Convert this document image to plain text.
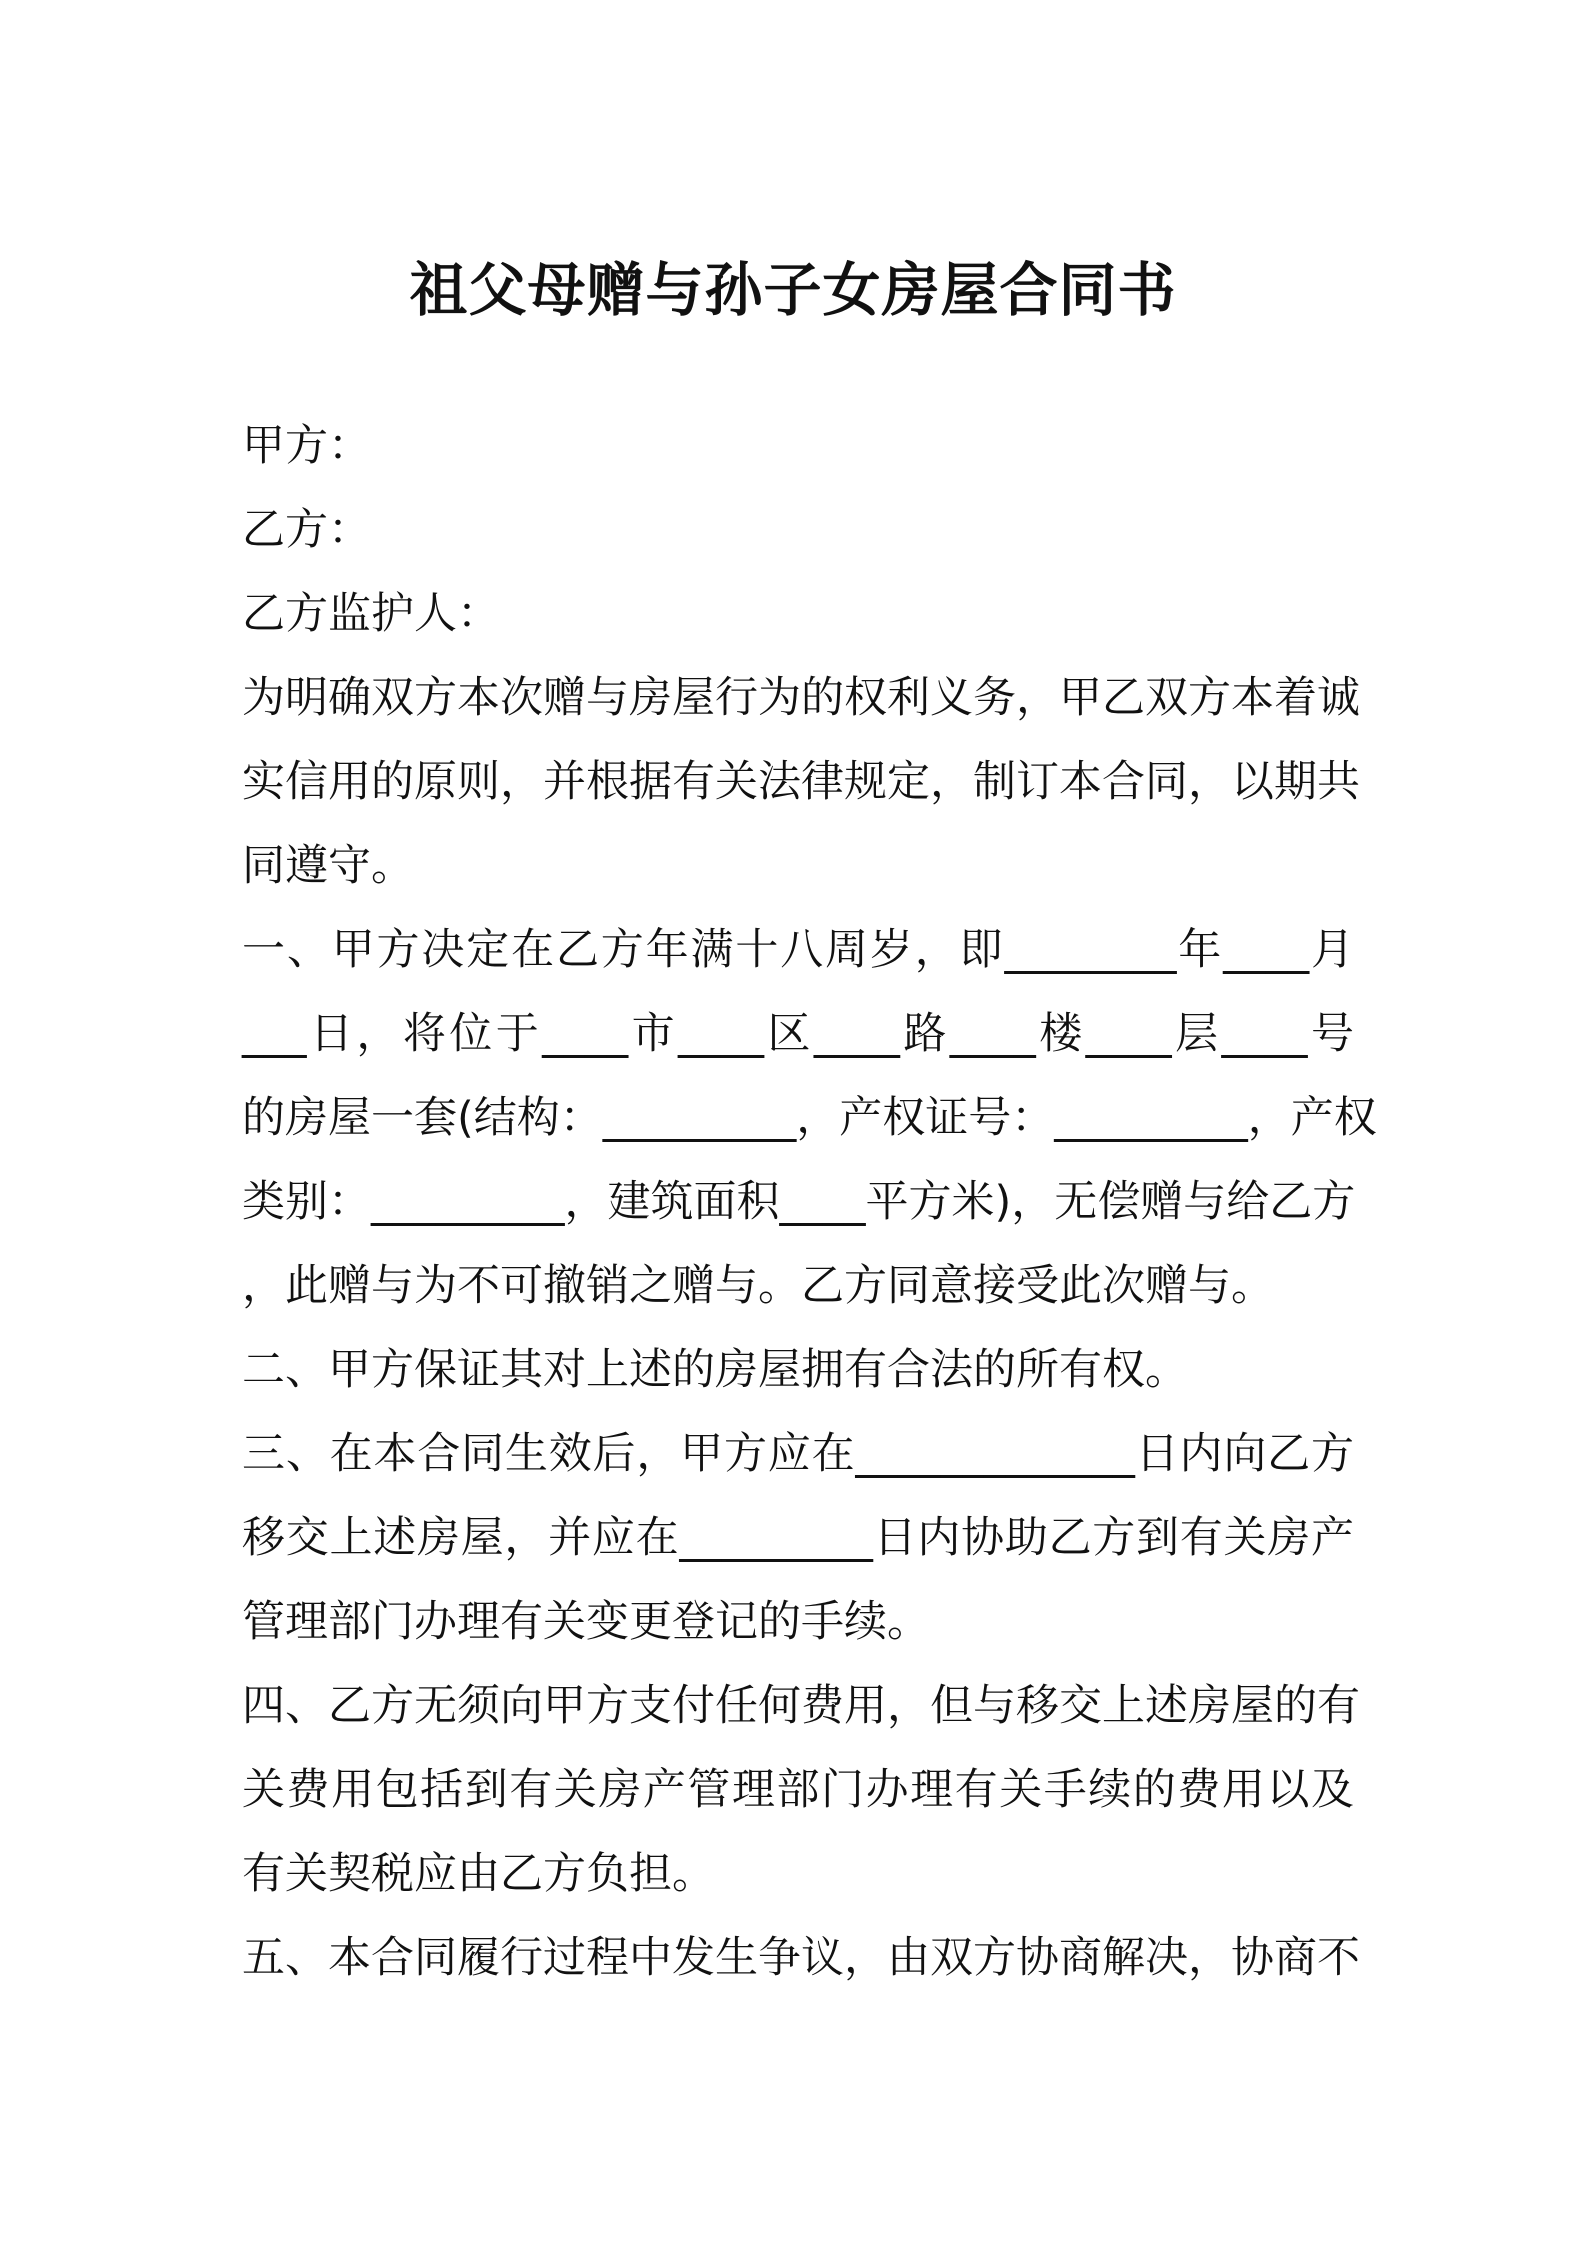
祖父母赠与孙子女房屋合同书
甲方：
乙方：
乙方监护人：
为明确双方本次赠与房屋行为的权利义务，甲乙双方本着诚
实信用的原则，并根据有关法律规定，制订本合同，以期共
同遵守。
一、甲方决定在乙方年满十八周岁，即________年____月
___日，将位于____市____区____路____楼____层____号
的房屋一套(结构：_________，产权证号：_________，产权
类别：_________，建筑面积____平方米)，无偿赠与给乙方
，此赠与为不可撤销之赠与。乙方同意接受此次赠与。
二、甲方保证其对上述的房屋拥有合法的所有权。
三、在本合同生效后，甲方应在_____________日内向乙方
移交上述房屋，并应在_________日内协助乙方到有关房产
管理部门办理有关变更登记的手续。
四、乙方无须向甲方支付任何费用，但与移交上述房屋的有
关费用包括到有关房产管理部门办理有关手续的费用以及
有关契税应由乙方负担。
五、本合同履行过程中发生争议，由双方协商解决，协商不
